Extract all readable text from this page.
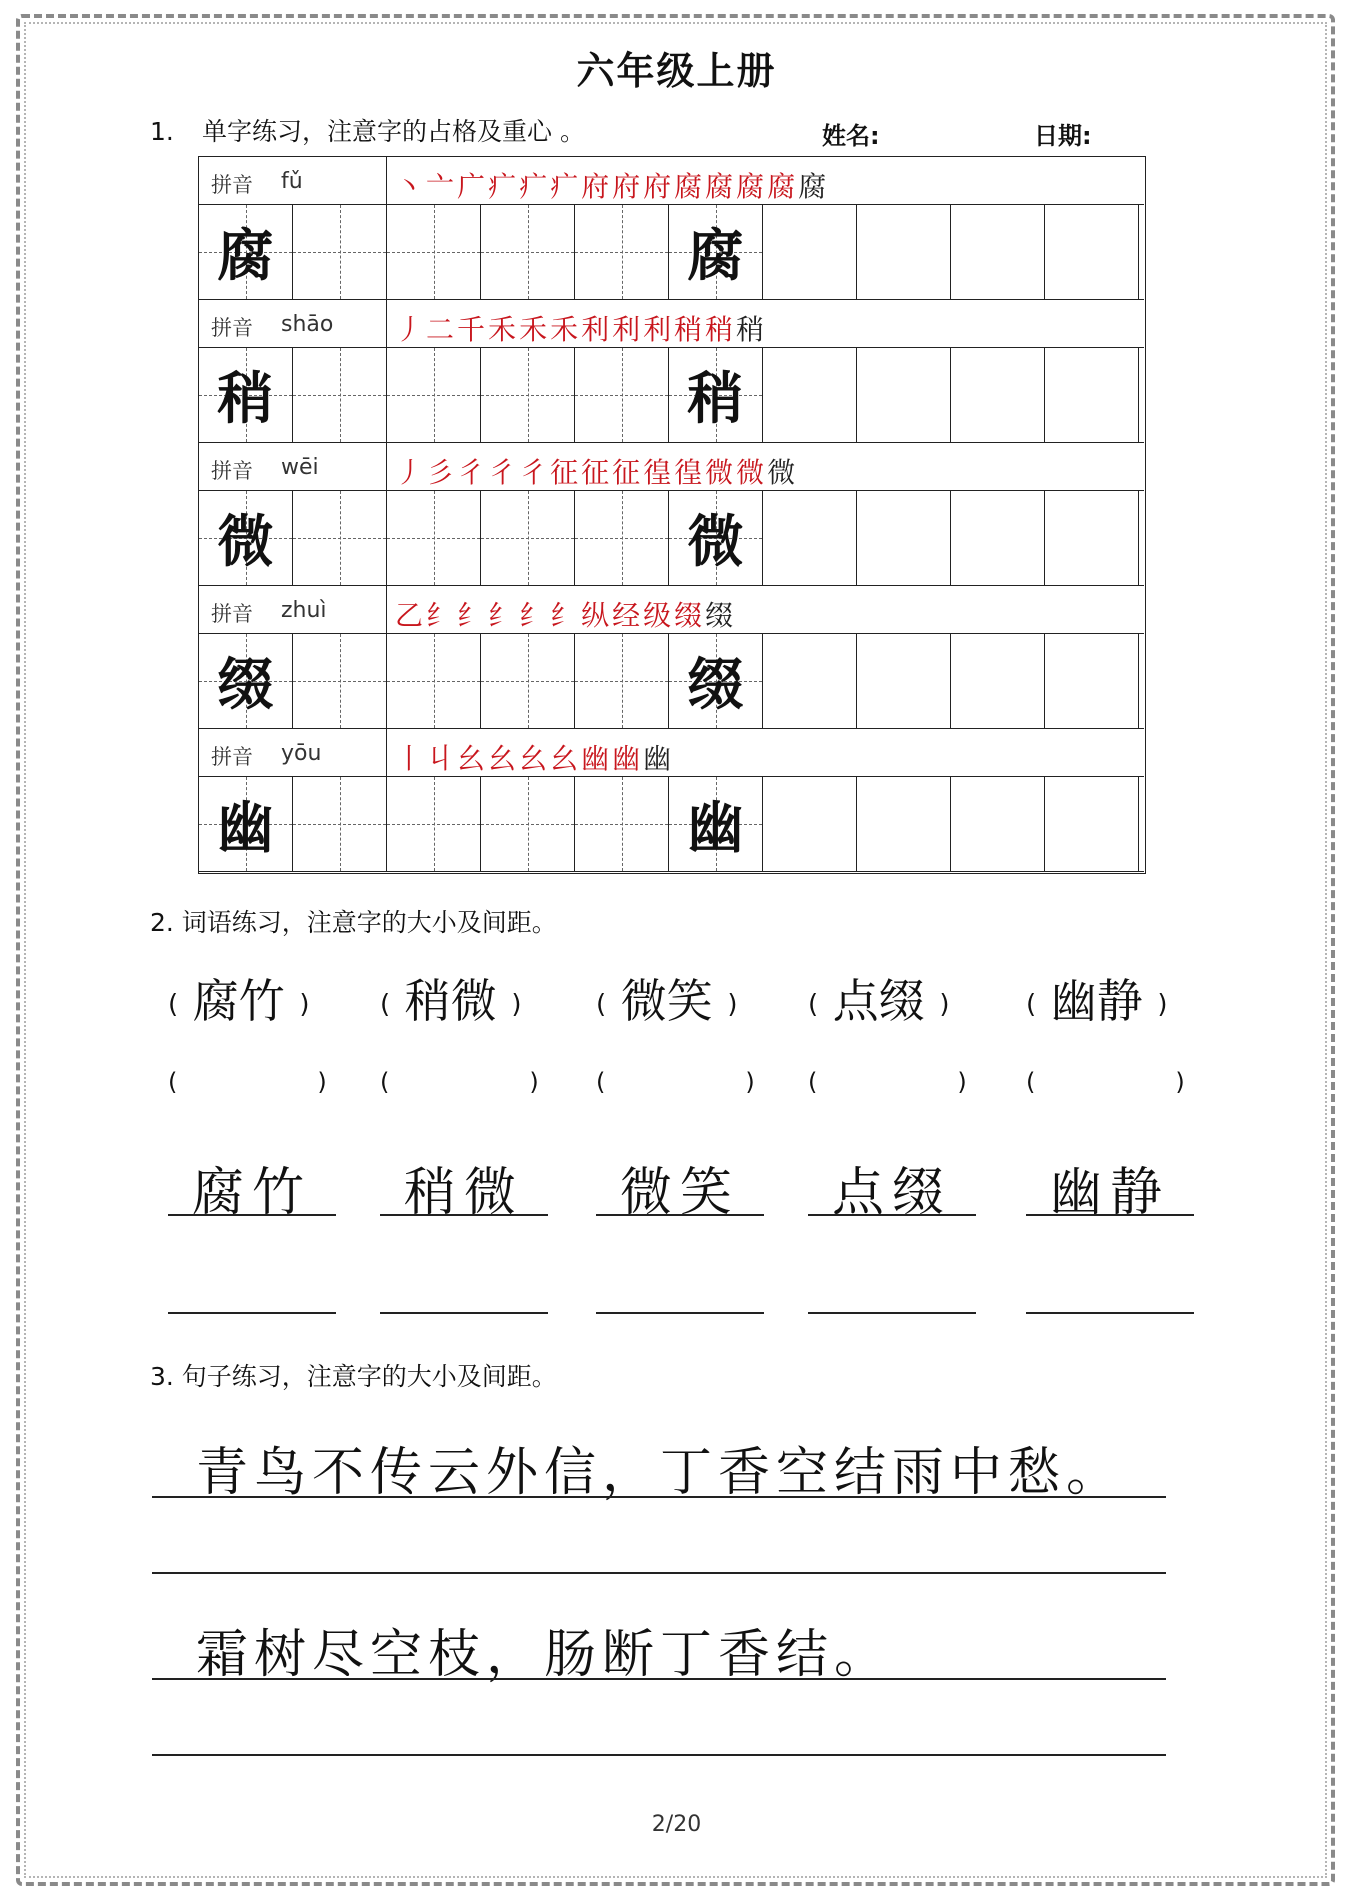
六年级上册
1. 单字练习，注意字的占格及重心 。	姓名:	日期:
拼音 fǔ	丶亠广疒疒疒府府府腐腐腐腐腐
腐	腐
拼音 shāo 丿二千禾禾禾利利利稍稍稍
稍	稍
拼音 wēi	丿彡彳彳彳征征征徨徨微微微
微	微
拼音 zhuì 乙纟纟纟纟纟纵经级缀缀
缀	缀
拼音 yōu	丨丩幺幺幺幺幽幽幽
幽	幽
2. 词语练习，注意字的大小及间距。
( 腐竹 )
(	)
腐竹
( 稍微 )
(	)
稍微
( 微笑 )
(	)
微笑
( 点缀 )
(	)
点缀
( 幽静 )
(	)
幽静
3. 句子练习，注意字的大小及间距。
青鸟不传云外信，丁香空结雨中愁。
霜树尽空枝，肠断丁香结。
2/20
